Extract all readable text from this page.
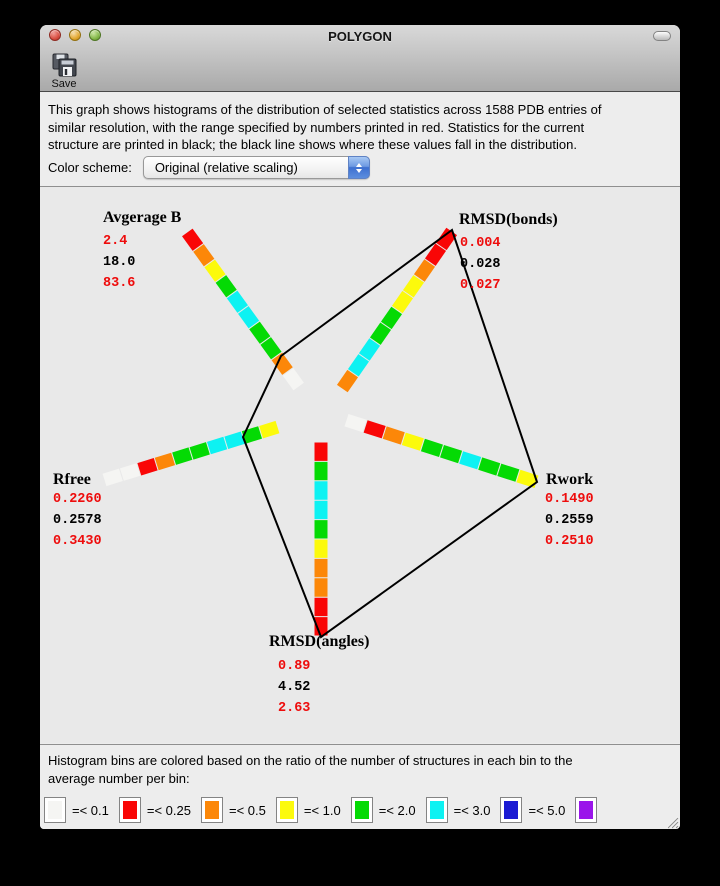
POLYGON
Save
This graph shows histograms of the distribution of selected statistics across 1588 PDB entries of
similar resolution, with the range specified by numbers printed in red. Statistics for the current
structure are printed in black; the black line shows where these values fall in the distribution.
Color scheme: Original (relative scaling)
Avgerage B
2.4
18.0
83.6
RMSD(bonds)
0.004
0.028
0.027
Rwork
0.1490
0.2559
0.2510
RMSD(angles)
0.89
4.52
2.63
Rfree
0.2260
0.2578
0.3430
Histogram bins are colored based on the ratio of the number of structures in each bin to the
average number per bin:
=< 0.1	=< 0.25	=< 0.5	=< 1.0	=< 2.0	=< 3.0	=< 5.0
